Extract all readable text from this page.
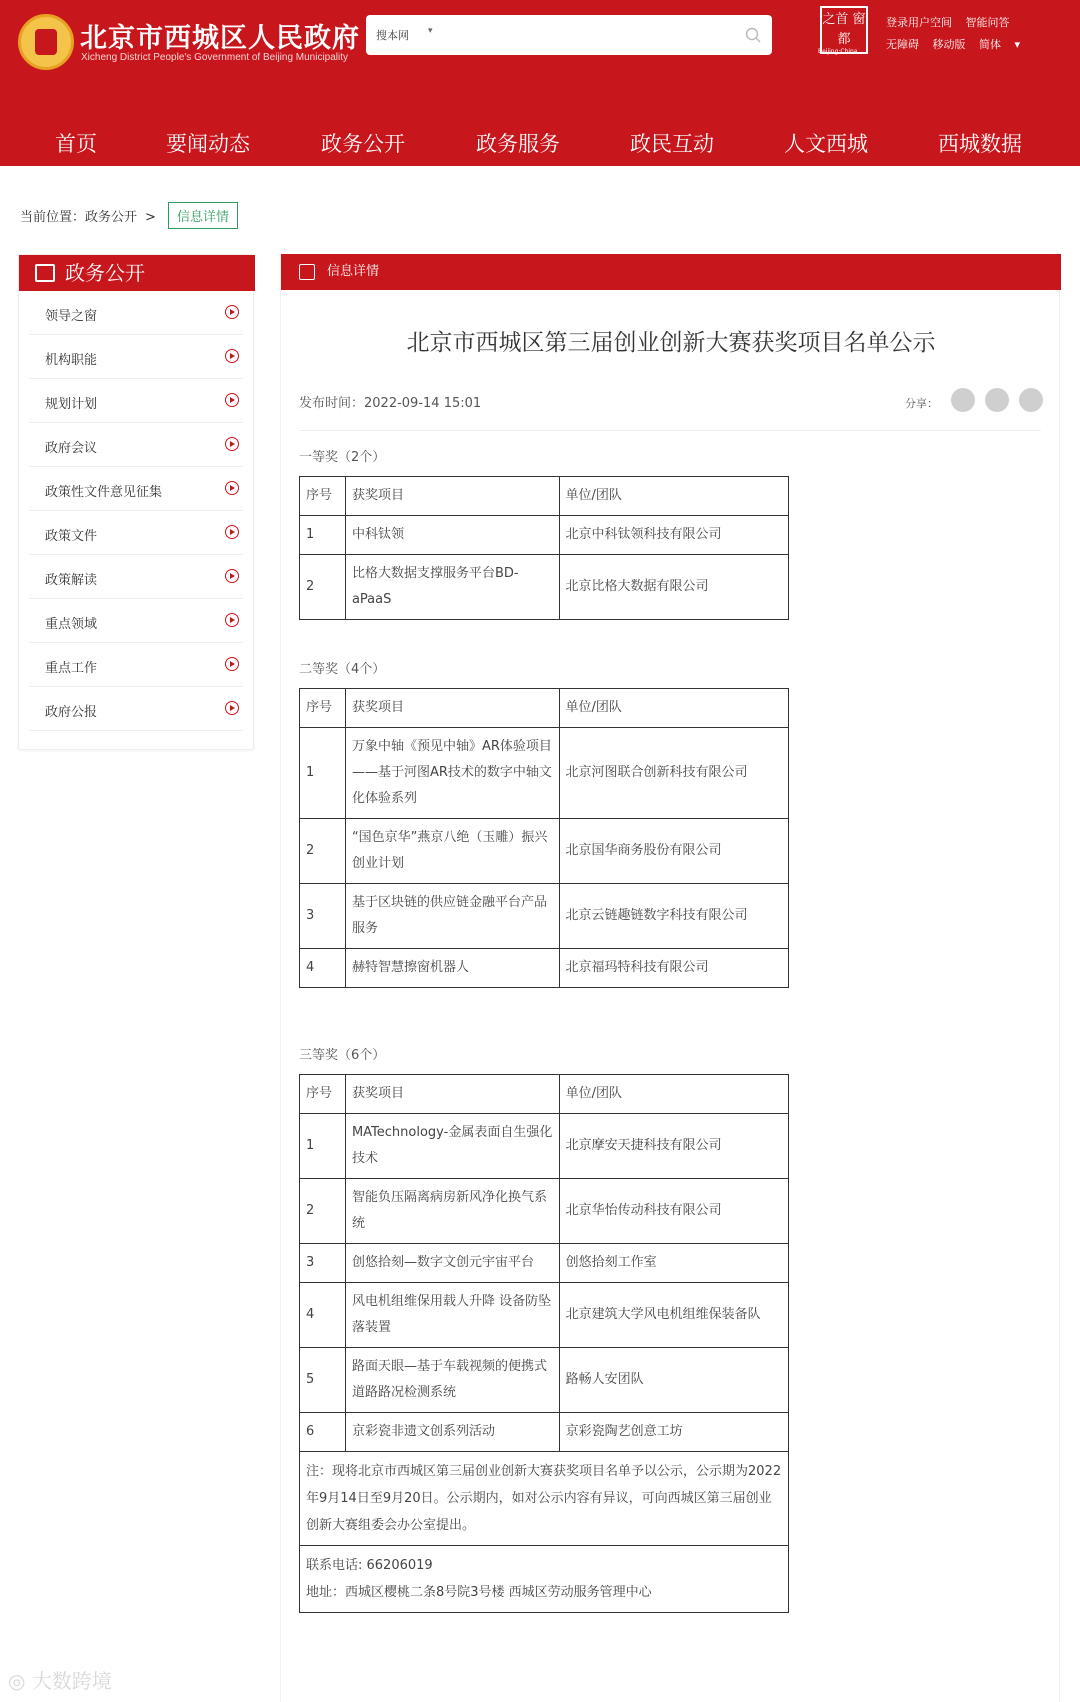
北京市西城区人民政府
Xicheng District People's Government of Beijing Municipality
搜本网 ▾
之首 窗都
Beijing·China
登录用户空间 智能问答
无障碍 移动版 简体 ▾
首页	要闻动态	政务公开	政务服务	政民互动	人文西城	西城数据
当前位置：政务公开 > 信息详情
政务公开
领导之窗
机构职能
规划计划
政府会议
政策性文件意见征集
政策文件
政策解读
重点领域
重点工作
政府公报
信息详情
北京市西城区第三届创业创新大赛获奖项目名单公示
发布时间：2022-09-14 15:01	分享：
一等奖（2个）
序号	获奖项目	单位/团队
1	中科钛领	北京中科钛领科技有限公司
2	比格大数据支撑服务平台BD-aPaaS	北京比格大数据有限公司
二等奖（4个）
序号	获奖项目	单位/团队
1	万象中轴《预见中轴》AR体验项目——基于河图AR技术的数字中轴文化体验系列	北京河图联合创新科技有限公司
2	“国色京华”燕京八绝（玉雕）振兴创业计划	北京国华商务股份有限公司
3	基于区块链的供应链金融平台产品服务	北京云链趣链数字科技有限公司
4	赫特智慧擦窗机器人	北京福玛特科技有限公司
三等奖（6个）
序号	获奖项目	单位/团队
1	MATechnology-金属表面自生强化技术	北京摩安天捷科技有限公司
2	智能负压隔离病房新风净化换气系统	北京华怡传动科技有限公司
3	创悠拾刻—数字文创元宇宙平台	创悠拾刻工作室
4	风电机组维保用载人升降 设备防坠落装置	北京建筑大学风电机组维保装备队
5	路面天眼—基于车载视频的便携式道路路况检测系统	路畅人安团队
6	京彩瓷非遗文创系列活动	京彩瓷陶艺创意工坊
注：现将北京市西城区第三届创业创新大赛获奖项目名单予以公示，公示期为2022年9月14日至9月20日。公示期内，如对公示内容有异议，可向西城区第三届创业创新大赛组委会办公室提出。		

联系电话: 66206019
地址：西城区樱桃二条8号院3号楼 西城区劳动服务管理中心		
◎ 大数跨境
